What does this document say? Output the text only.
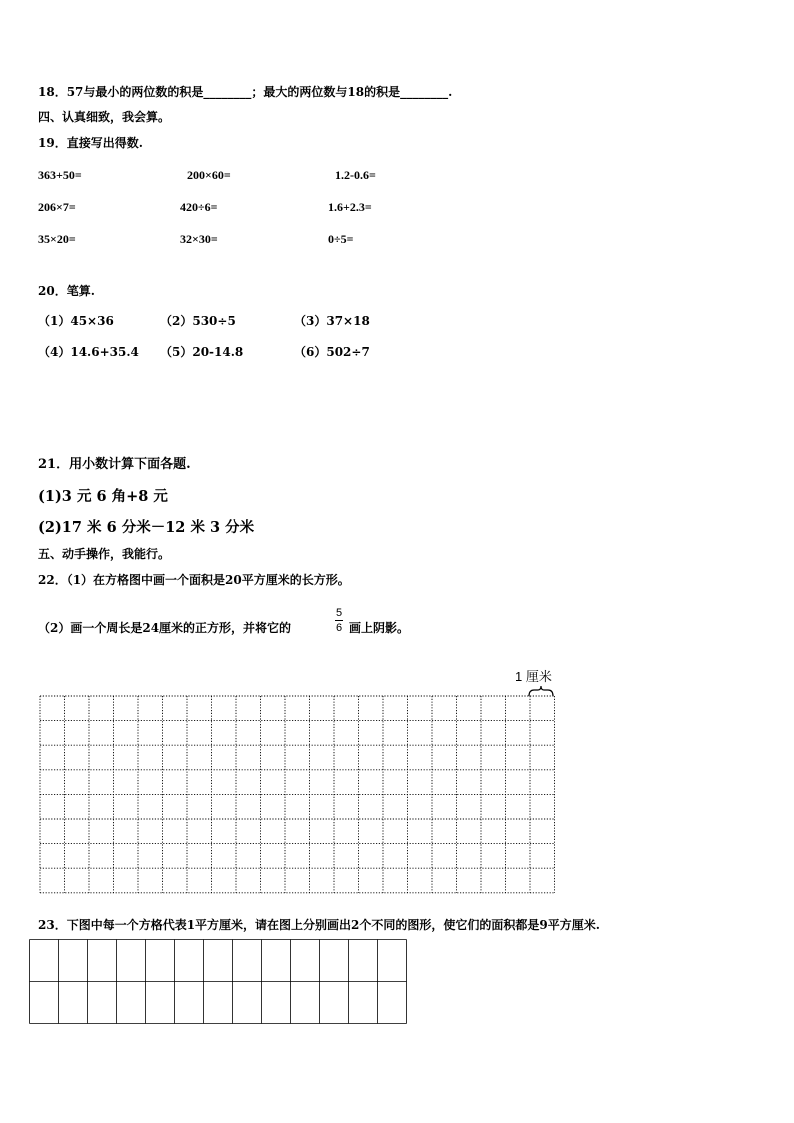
18．57与最小的两位数的积是________；最大的两位数与18的积是________.
四、认真细致，我会算。
19．直接写出得数.
363+50=	200×60=	1.2-0.6=
206×7=	420÷6=	1.6+2.3=
35×20=	32×30=	0÷5=
20．笔算.
（1）45×36	（2）530÷5	（3）37×18
（4）14.6+35.4 （5）20-14.8	（6）502÷7
21．用小数计算下面各题.
(1)3 元 6 角+8 元
(2)17 米 6 分米－12 米 3 分米
五、动手操作，我能行。
22．（1）在方格图中画一个面积是20平方厘米的长方形。
（2）画一个周长是24厘米的正方形，并将它的
5
6 画上阴影。
1 厘米
23．下图中每一个方格代表1平方厘米，请在图上分别画出2个不同的图形，使它们的面积都是9平方厘米.
